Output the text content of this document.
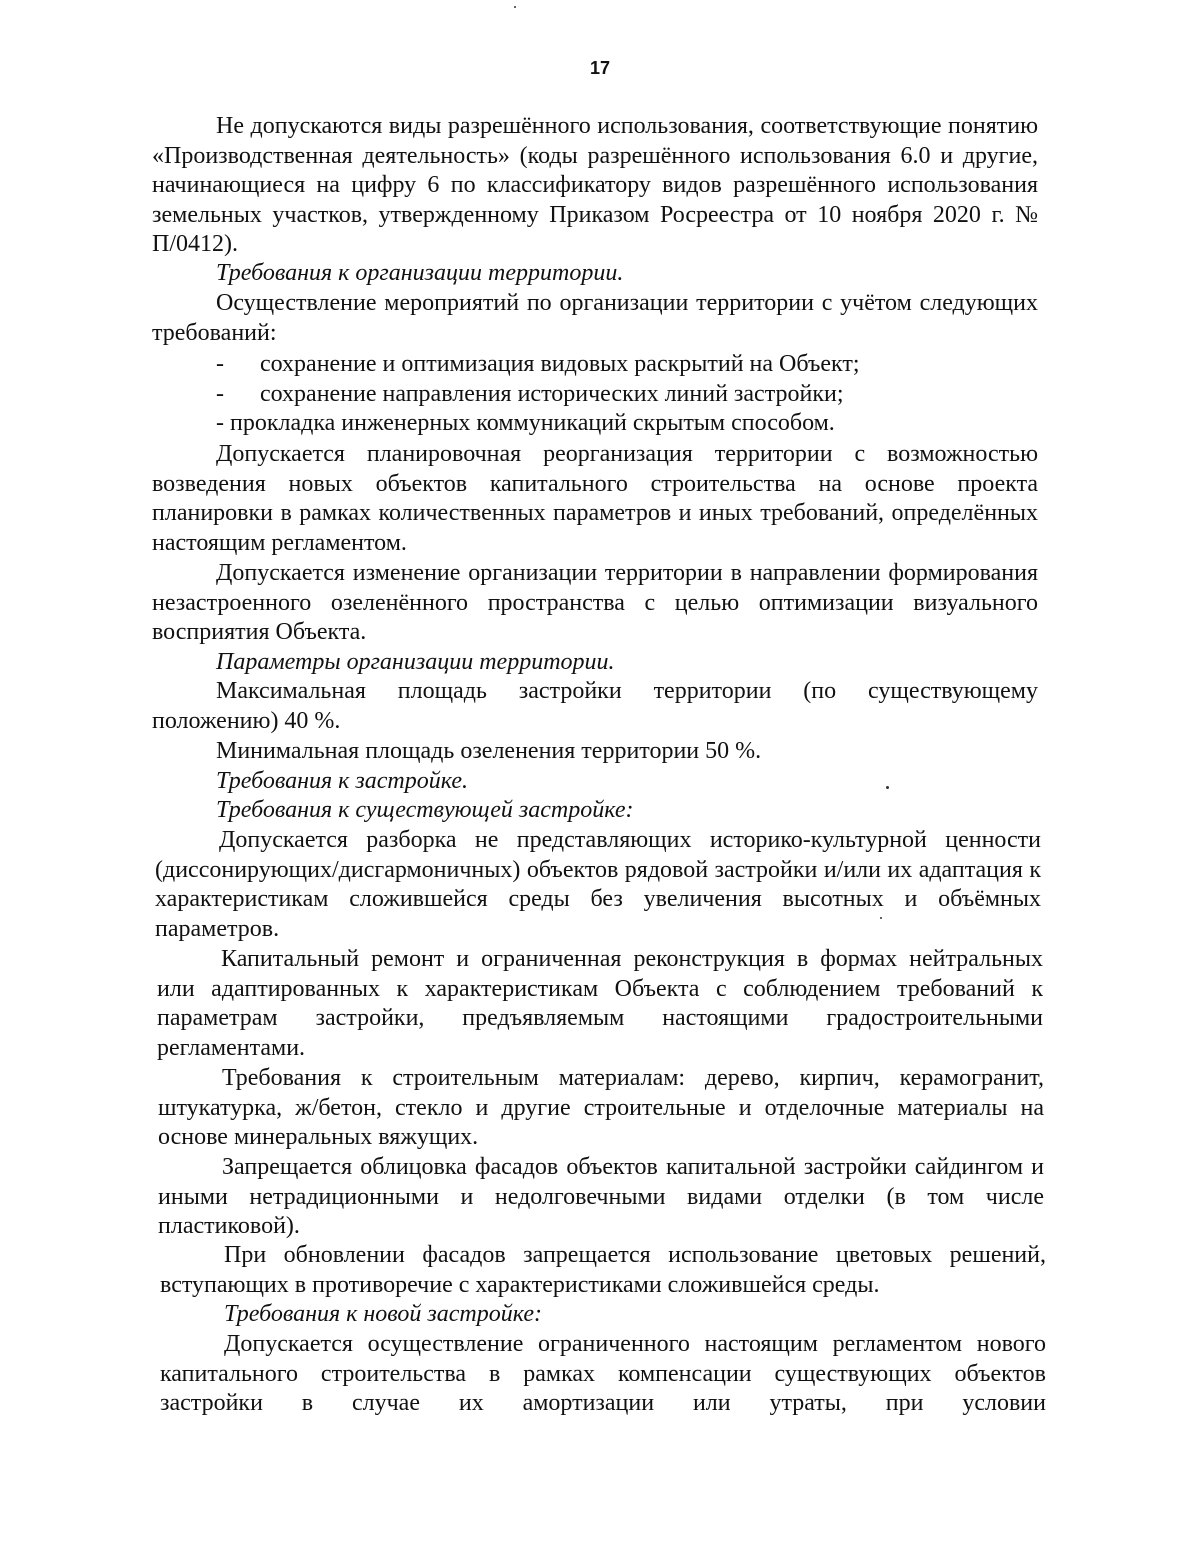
17

Не допускаются виды разрешённого использования, соответствующие понятию «Производственная деятельность» (коды разрешённого использования 6.0 и другие, начинающиеся на цифру 6 по классификатору видов разрешённого использования земельных участков, утвержденному Приказом Росреестра от 10 ноября 2020 г. № П/0412).

Требования к организации территории.

Осуществление мероприятий по организации территории с учётом следующих требований:

-      сохранение и оптимизация видовых раскрытий на Объект;

-      сохранение направления исторических линий застройки;

- прокладка инженерных коммуникаций скрытым способом.

Допускается планировочная реорганизация территории с возможностью возведения новых объектов капитального строительства на основе проекта планировки в рамках количественных параметров и иных требований, определённых настоящим регламентом.

Допускается изменение организации территории в направлении формирования незастроенного озеленённого пространства с целью оптимизации визуального восприятия Объекта.

Параметры организации территории.

Максимальная площадь застройки территории (по существующему положению) 40 %.

Минимальная площадь озеленения территории 50 %.

Требования к застройке.

Требования к существующей застройке:

Допускается разборка не представляющих историко-культурной ценности (диссонирующих/дисгармоничных) объектов рядовой застройки и/или их адаптация к характеристикам сложившейся среды без увеличения высотных и объёмных параметров.

Капитальный ремонт и ограниченная реконструкция в формах нейтральных или адаптированных к характеристикам Объекта с соблюдением требований к параметрам застройки, предъявляемым настоящими градостроительными регламентами.

Требования к строительным материалам: дерево, кирпич, керамогранит, штукатурка, ж/бетон, стекло и другие строительные и отделочные материалы на основе минеральных вяжущих.

Запрещается облицовка фасадов объектов капитальной застройки сайдингом и иными нетрадиционными и недолговечными видами отделки (в том числе пластиковой).

При обновлении фасадов запрещается использование цветовых решений, вступающих в противоречие с характеристиками сложившейся среды.

Требования к новой застройке:

Допускается осуществление ограниченного настоящим регламентом нового капитального строительства в рамках компенсации существующих объектов застройки в случае их амортизации или утраты, при условии
